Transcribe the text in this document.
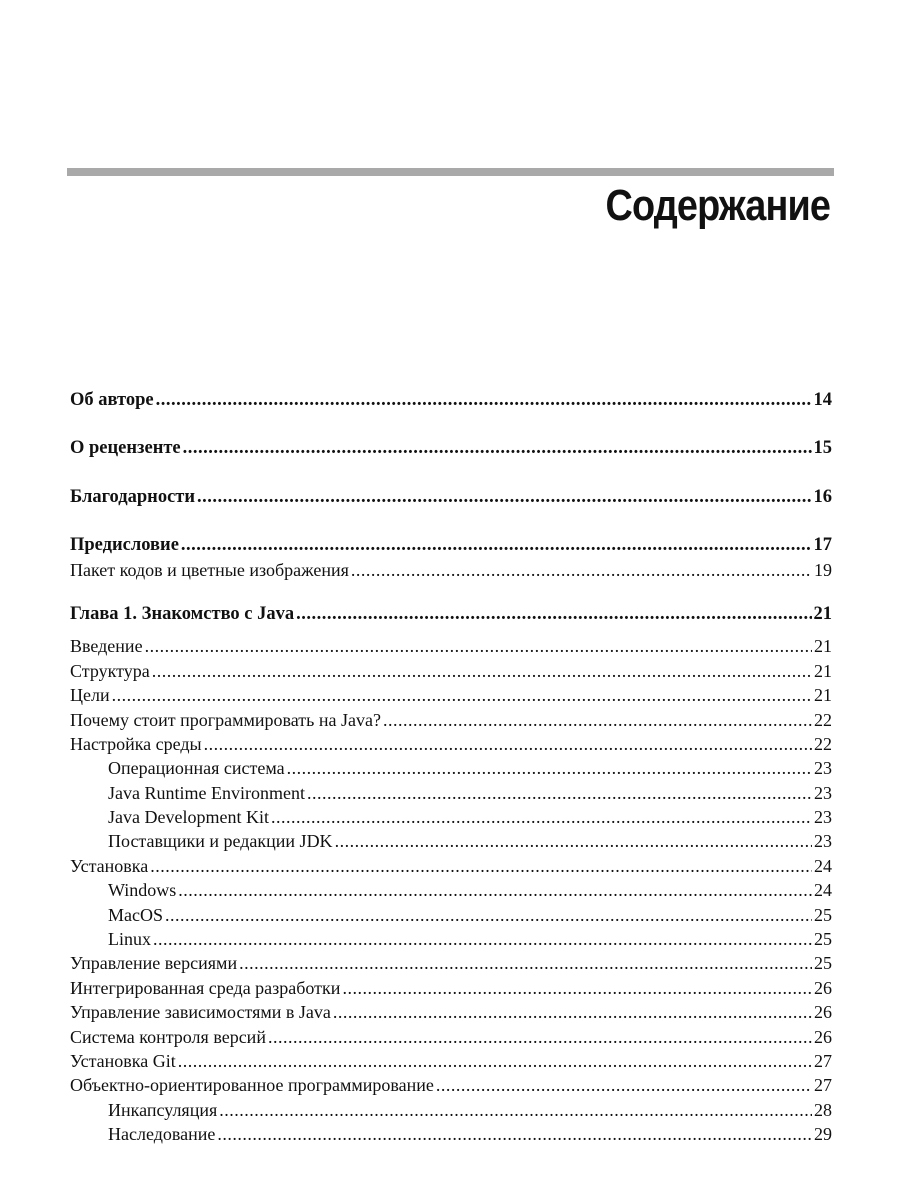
Содержание
Об авторе .....	14
О рецензенте .....	15
Благодарности .....	16
Предисловие .....	17
Пакет кодов и цветные изображения .....	19
Глава 1. Знакомство с Java .....	21
Введение .....	21
Структура .....	21
Цели .....	21
Почему стоит программировать на Java? .....	22
Настройка среды .....	22
Операционная система .....	23
Java Runtime Environment .....	23
Java Development Kit .....	23
Поставщики и редакции JDK .....	23
Установка .....	24
Windows .....	24
MacOS .....	25
Linux .....	25
Управление версиями .....	25
Интегрированная среда разработки .....	26
Управление зависимостями в Java .....	26
Система контроля версий .....	26
Установка Git .....	27
Объектно-ориентированное программирование .....	27
Инкапсуляция .....	28
Наследование .....	29
